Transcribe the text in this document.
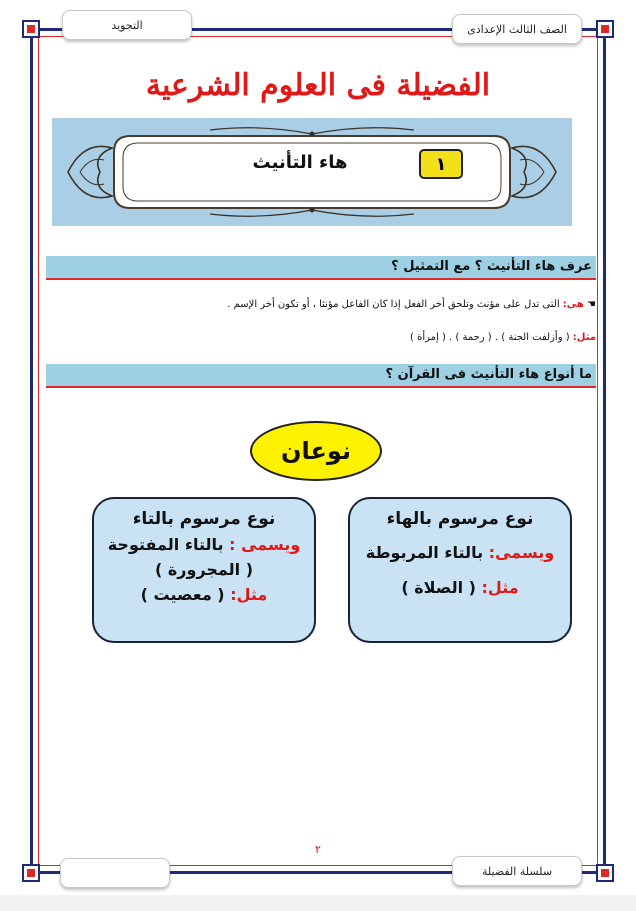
الصف الثالث الإعدادى
التجويد
الفضيلة فى العلوم الشرعية
١
هاء التأنيث
عرف هاء التأنيث ؟ مع التمثيل ؟
☚ هى: التى تدل على مؤنث وتلحق أخر الفعل إذا كان الفاعل مؤنثا ، أو تكون أخر الإسم .
مثل: ( وأزلفت الجنة ) . ( رحمة ) . ( إمرأة )
ما أنواع هاء التأنيث فى القرآن ؟
نوعان
نوع مرسوم بالهاء
ويسمى: بالتاء المربوطة
مثل: ( الصلاة )
نوع مرسوم بالتاء
ويسمى : بالتاء المفتوحة
( المجرورة )
مثل: ( معصيت )
٢
سلسلة الفضيلة
